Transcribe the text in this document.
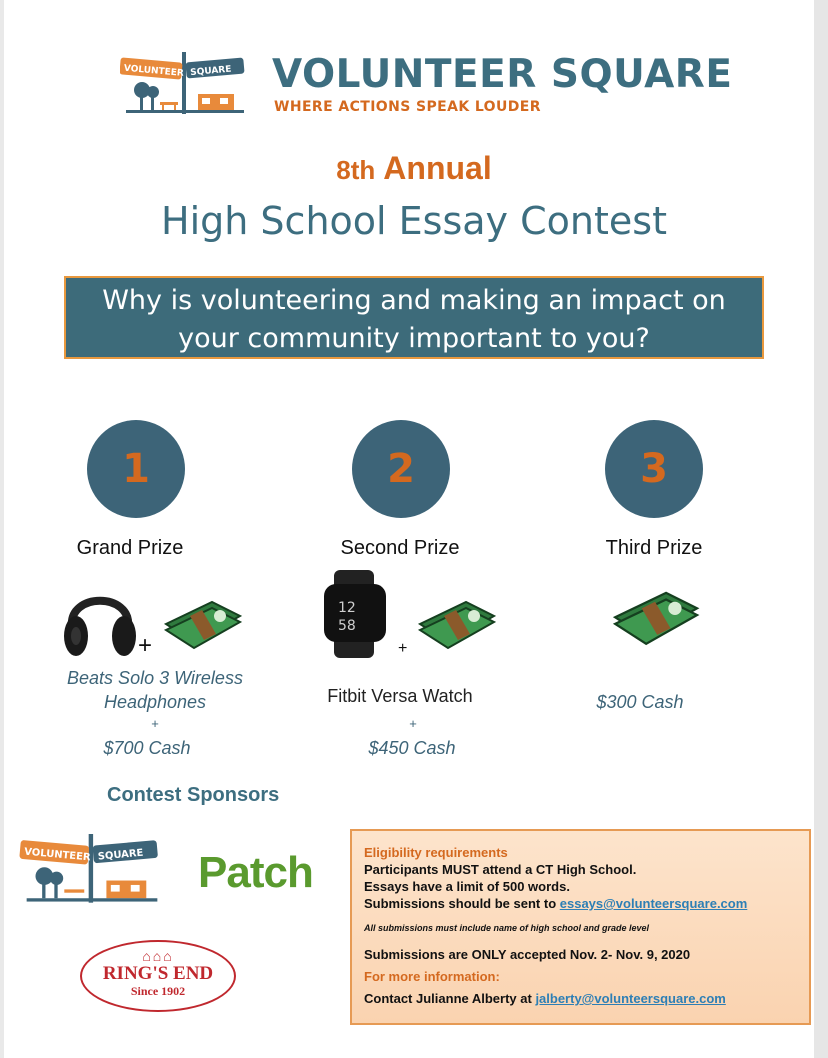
VOLUNTEER SQUARE VOLUNTEER SQUARE
WHERE ACTIONS SPEAK LOUDER
8th Annual
High School Essay Contest
Why is volunteering and making an impact on
your community important to you?
1	2	3
Grand Prize	Second Prize	Third Prize
+
12
58
+
Beats Solo 3 Wireless
Headphones
+
$700 Cash
Fitbit Versa Watch
+
$450 Cash
$300 Cash
Contest Sponsors
VOLUNTEER SQUARE Patch
⌂⌂⌂
RING'S END
Since 1902
Eligibility requirements
Participants MUST attend a CT High School.
Essays have a limit of 500 words.
Submissions should be sent to essays@volunteersquare.com
All submissions must include name of high school and grade level
Submissions are ONLY accepted Nov. 2- Nov. 9, 2020
For more information:
Contact Julianne Alberty at jalberty@volunteersquare.com
